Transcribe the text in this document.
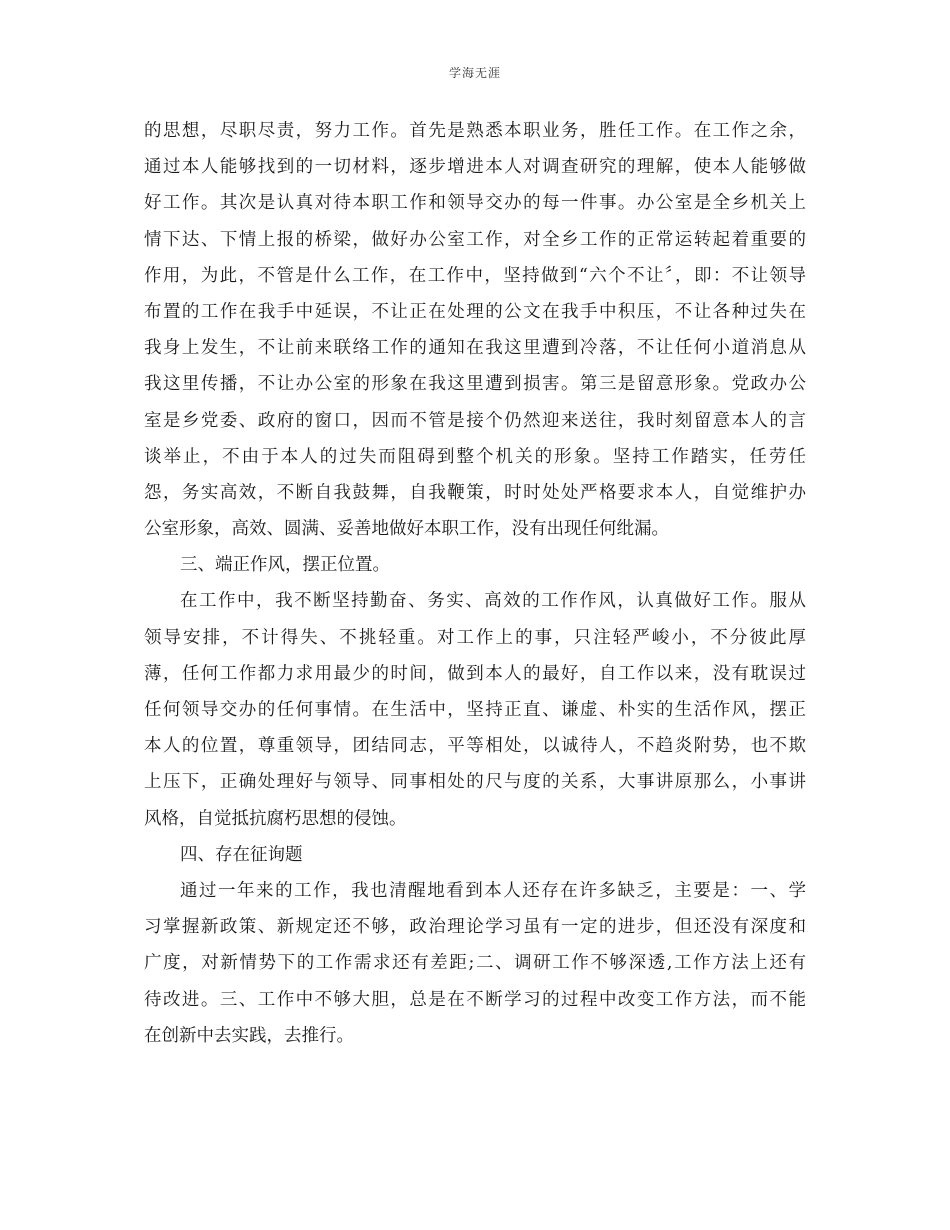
学海无涯
的思想，尽职尽责，努力工作。首先是熟悉本职业务，胜任工作。在工作之余，
通过本人能够找到的一切材料，逐步增进本人对调查研究的理解，使本人能够做
好工作。其次是认真对待本职工作和领导交办的每一件事。办公室是全乡机关上
情下达、下情上报的桥梁，做好办公室工作，对全乡工作的正常运转起着重要的
作用，为此，不管是什么工作，在工作中，坚持做到“六个不让〞，即：不让领导
布置的工作在我手中延误，不让正在处理的公文在我手中积压，不让各种过失在
我身上发生，不让前来联络工作的通知在我这里遭到冷落，不让任何小道消息从
我这里传播，不让办公室的形象在我这里遭到损害。第三是留意形象。党政办公
室是乡党委、政府的窗口，因而不管是接个仍然迎来送往，我时刻留意本人的言
谈举止，不由于本人的过失而阻碍到整个机关的形象。坚持工作踏实，任劳任
怨，务实高效，不断自我鼓舞，自我鞭策，时时处处严格要求本人，自觉维护办
公室形象，高效、圆满、妥善地做好本职工作，没有出现任何纰漏。
三、端正作风，摆正位置。
在工作中，我不断坚持勤奋、务实、高效的工作作风，认真做好工作。服从
领导安排，不计得失、不挑轻重。对工作上的事，只注轻严峻小，不分彼此厚
薄，任何工作都力求用最少的时间，做到本人的最好，自工作以来，没有耽误过
任何领导交办的任何事情。在生活中，坚持正直、谦虚、朴实的生活作风，摆正
本人的位置，尊重领导，团结同志，平等相处，以诚待人，不趋炎附势，也不欺
上压下，正确处理好与领导、同事相处的尺与度的关系，大事讲原那么，小事讲
风格，自觉抵抗腐朽思想的侵蚀。
四、存在征询题
通过一年来的工作，我也清醒地看到本人还存在许多缺乏，主要是：一、学
习掌握新政策、新规定还不够，政治理论学习虽有一定的进步，但还没有深度和
广度，对新情势下的工作需求还有差距;二、调研工作不够深透,工作方法上还有
待改进。三、工作中不够大胆，总是在不断学习的过程中改变工作方法，而不能
在创新中去实践，去推行。
